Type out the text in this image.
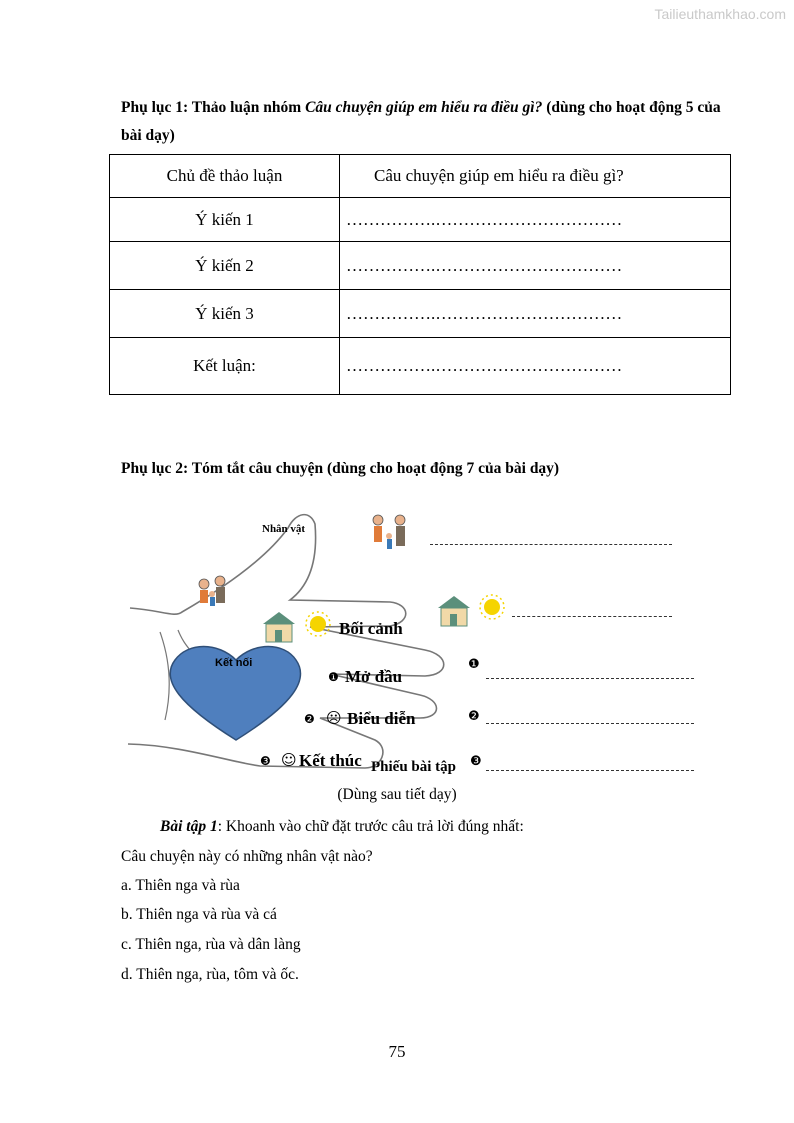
Tailieuthamkhao.com
Phụ lục 1: Thảo luận nhóm Câu chuyện giúp em hiểu ra điều gì? (dùng cho hoạt động 5 của bài dạy)
Chủ đề thảo luận	Câu chuyện giúp em hiểu ra điều gì?
Ý kiến 1	…………….……………………………
Ý kiến 2	…………….……………………………
Ý kiến 3	…………….……………………………
Kết luận:	…………….……………………………
Phụ lục 2: Tóm tắt câu chuyện (dùng cho hoạt động 7 của bài dạy)
Nhân vật
Kết nối
Bối cảnh
❶ Mở đầu
❷ ☹ Biểu diễn
❸ ☺ Kết thúc Phiếu bài tập
❶
❷
❸
(Dùng sau tiết dạy)
Bài tập 1: Khoanh vào chữ đặt trước câu trả lời đúng nhất:
Câu chuyện này có những nhân vật nào?
a. Thiên nga và rùa
b. Thiên nga và rùa và cá
c. Thiên nga, rùa và dân làng
d. Thiên nga, rùa, tôm và ốc.
75
